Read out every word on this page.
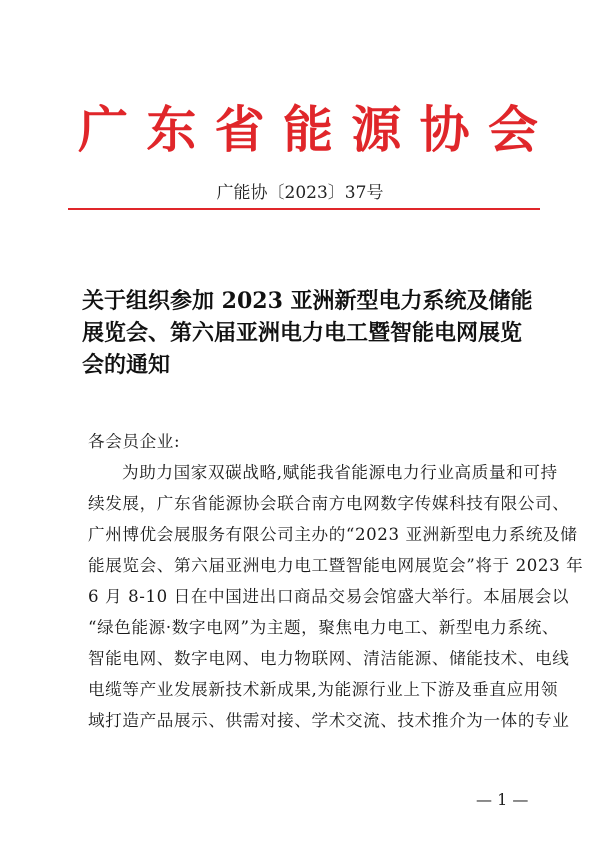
广 东 省 能 源 协 会
广能协〔2023〕37号
关于组织参加 2023 亚洲新型电力系统及储能
展览会、第六届亚洲电力电工暨智能电网展览
会的通知
各会员企业:
为助力国家双碳战略,赋能我省能源电力行业高质量和可持
续发展，广东省能源协会联合南方电网数字传媒科技有限公司、
广州博优会展服务有限公司主办的“2023 亚洲新型电力系统及储
能展览会、第六届亚洲电力电工暨智能电网展览会”将于 2023 年
6 月 8-10 日在中国进出口商品交易会馆盛大举行。本届展会以
“绿色能源·数字电网”为主题，聚焦电力电工、新型电力系统、
智能电网、数字电网、电力物联网、清洁能源、储能技术、电线
电缆等产业发展新技术新成果,为能源行业上下游及垂直应用领
域打造产品展示、供需对接、学术交流、技术推介为一体的专业
— 1 —
